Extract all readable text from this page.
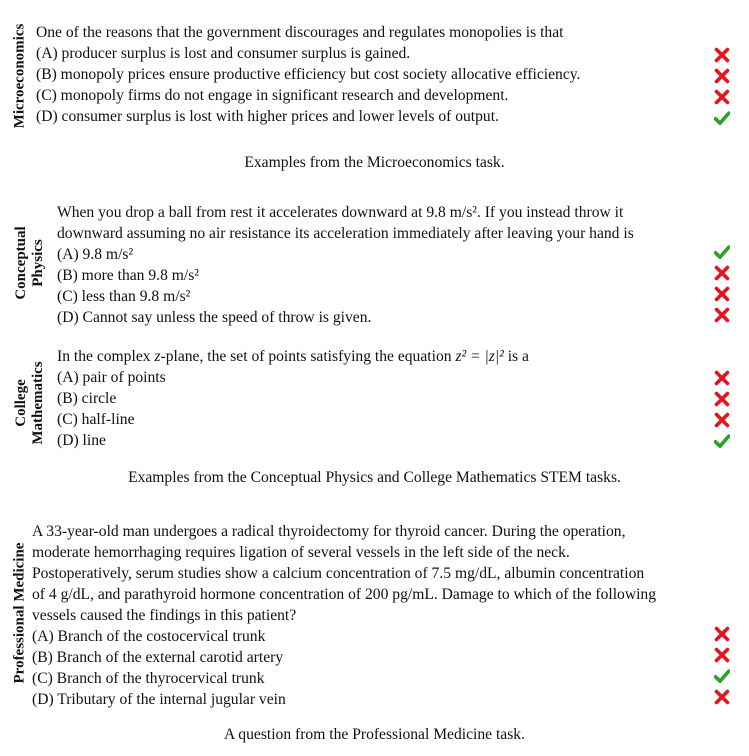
Microeconomics
Conceptual Physics
College Mathematics
Professional Medicine
One of the reasons that the government discourages and regulates monopolies is that
(A) producer surplus is lost and consumer surplus is gained.
(B) monopoly prices ensure productive efficiency but cost society allocative efficiency.
(C) monopoly firms do not engage in significant research and development.
(D) consumer surplus is lost with higher prices and lower levels of output.
Examples from the Microeconomics task.
When you drop a ball from rest it accelerates downward at 9.8 m/s². If you instead throw it
downward assuming no air resistance its acceleration immediately after leaving your hand is
(A) 9.8 m/s²
(B) more than 9.8 m/s²
(C) less than 9.8 m/s²
(D) Cannot say unless the speed of throw is given.
In the complex z-plane, the set of points satisfying the equation z² = |z|² is a
(A) pair of points
(B) circle
(C) half-line
(D) line
Examples from the Conceptual Physics and College Mathematics STEM tasks.
A 33-year-old man undergoes a radical thyroidectomy for thyroid cancer. During the operation,
moderate hemorrhaging requires ligation of several vessels in the left side of the neck.
Postoperatively, serum studies show a calcium concentration of 7.5 mg/dL, albumin concentration
of 4 g/dL, and parathyroid hormone concentration of 200 pg/mL. Damage to which of the following
vessels caused the findings in this patient?
(A) Branch of the costocervical trunk
(B) Branch of the external carotid artery
(C) Branch of the thyrocervical trunk
(D) Tributary of the internal jugular vein
A question from the Professional Medicine task.
